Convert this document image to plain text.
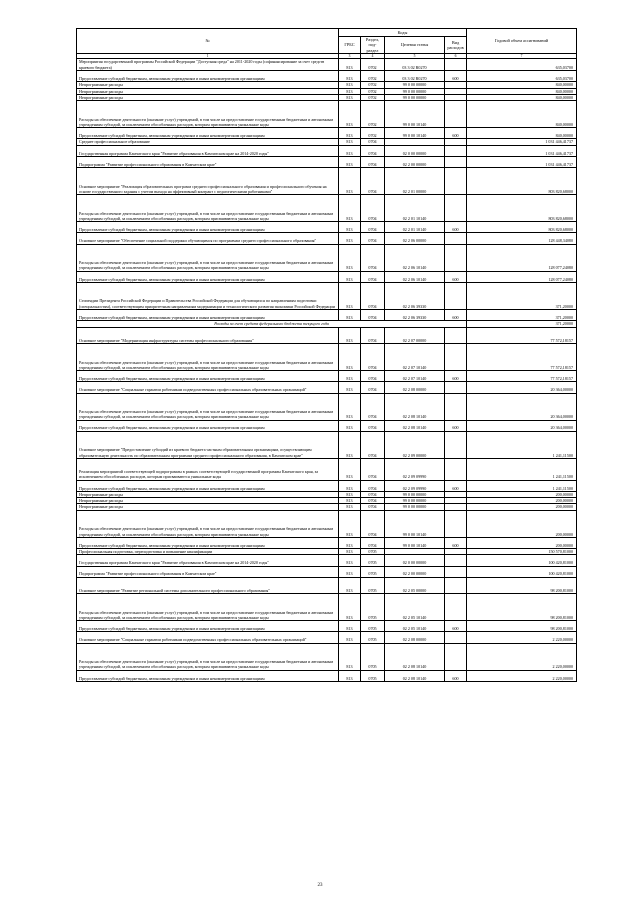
№	Коды				Годовой объем ассигнований
	ГРБС	Раздел, под-раздел	Целевая статья	Вид расходов	
1	3	4	5	6	7
Мероприятия государственной программы Российской Федерации "Доступная среда" на 2011-2020 годы (софинансирование за счет средств краевого бюджета)	813	0702	03 3 02 R0270		635,03700
Предоставление субсидий бюджетным, автономным учреждениям и иным некоммерческим организациям	813	0702	03 3 02 R0270	600	635,03700
Непрограммные расходы	813	0702	99 0 00 00000		840,00000
Непрограммные расходы	813	0702	99 0 00 00000		840,00000
Непрограммные расходы	813	0702	99 0 00 00000		840,00000
Расходы на обеспечение деятельности (оказание услуг) учреждений, в том числе на предоставление государственным бюджетным и автономным учреждениям субсидий, за исключением обособленных расходов, которым присваиваются уникальные коды	813	0702	99 0 00 10140		840,00000
Предоставление субсидий бюджетным, автономным учреждениям и иным некоммерческим организациям	813	0702	99 0 00 10140	600	840,00000
Среднее профессиональное образование	813	0704			1 031 446,41737
Государственная программа Камчатского края "Развитие образования в Камчатском крае на 2014-2020 годы"	813	0704	02 0 00 00000		1 031 446,41737
Подпрограмма "Развитие профессионального образования в Камчатском крае"	813	0704	02 2 00 00000		1 031 446,41737
Основное мероприятие "Реализация образовательных программ среднего профессионального образования и профессионального обучения на основе государственного задания с учетом выхода на эффективный контракт с педагогическими работниками"	813	0704	02 2 01 00000		803 820,68000
Расходы на обеспечение деятельности (оказание услуг) учреждений, в том числе на предоставление государственным бюджетным и автономным учреждениям субсидий, за исключением обособленных расходов, которым присваиваются уникальные коды	813	0704	02 2 01 10140		803 820,68000
Предоставление субсидий бюджетным, автономным учреждениям и иным некоммерческим организациям	813	0704	02 2 01 10140	600	803 820,68000
Основное мероприятие "Обеспечение социальной поддержки обучающимся по программам среднего профессионального образования"	813	0704	02 2 06 00000		128 448,34080
Расходы на обеспечение деятельности (оказание услуг) учреждений, в том числе на предоставление государственным бюджетным и автономным учреждениям субсидий, за исключением обособленных расходов, которым присваиваются уникальные коды	813	0704	02 2 06 10140		128 077,24080
Предоставление субсидий бюджетным, автономным учреждениям и иным некоммерческим организациям	813	0704	02 2 06 10140	600	128 077,24080
Стипендии Президента Российской Федерации и Правительства Российской Федерации для обучающихся по направлениям подготовки (специальностям), соответствующим приоритетным направлениям модернизации и технологического развития экономики Российской Федерации	813	0704	02 2 06 39330		371,20000
Предоставление субсидий бюджетным, автономным учреждениям и иным некоммерческим организациям	813	0704	02 2 06 39330	600	371,20000
Расходы за счет средств федерального бюджета текущего года					371,20000
Основное мероприятие "Модернизация инфраструктуры системы профессионального образования"	813	0704	02 2 07 00000		77 572,18157
Расходы на обеспечение деятельности (оказание услуг) учреждений, в том числе на предоставление государственным бюджетным и автономным учреждениям субсидий, за исключением обособленных расходов, которым присваиваются уникальные коды	813	0704	02 2 07 10140		77 572,18157
Предоставление субсидий бюджетным, автономным учреждениям и иным некоммерческим организациям	813	0704	02 2 07 10140	600	77 572,18157
Основное мероприятие "Социальные гарантии работникам подведомственных профессиональных образовательных организаций"	813	0704	02 2 08 00000		20 364,00000
Расходы на обеспечение деятельности (оказание услуг) учреждений, в том числе на предоставление государственным бюджетным и автономным учреждениям субсидий, за исключением обособленных расходов, которым присваиваются уникальные коды	813	0704	02 2 08 10140		20 364,00000
Предоставление субсидий бюджетным, автономным учреждениям и иным некоммерческим организациям	813	0704	02 2 08 10140	600	20 364,00000
Основное мероприятие "Предоставление субсидий из краевого бюджета частным образовательным организациям, осуществляющим образовательную деятельность по образовательным программам среднего профессионального образования, в Камчатском крае"	813	0704	02 2 09 00000		1 241,11500
Реализация мероприятий соответствующей подпрограммы в рамках соответствующей государственной программы Камчатского края, за исключением обособленных расходов, которым присваиваются уникальные коды	813	0704	02 2 09 09990		1 241,11500
Предоставление субсидий бюджетным, автономным учреждениям и иным некоммерческим организациям	813	0704	02 2 09 09990	600	1 241,11500
Непрограммные расходы	813	0704	99 0 00 00000		200,00000
Непрограммные расходы	813	0704	99 0 00 00000		200,00000
Непрограммные расходы	813	0704	99 0 00 00000		200,00000
Расходы на обеспечение деятельности (оказание услуг) учреждений, в том числе на предоставление государственным бюджетным и автономным учреждениям субсидий, за исключением обособленных расходов, которым присваиваются уникальные коды	813	0704	99 0 00 10140		200,00000
Предоставление субсидий бюджетным, автономным учреждениям и иным некоммерческим организациям	813	0704	99 0 00 10140	600	200,00000
Профессиональная подготовка, переподготовка и повышение квалификации	813	0705			150 570,81000
Государственная программа Камчатского края "Развитие образования в Камчатском крае на 2014-2020 годы"	813	0705	02 0 00 00000		100 420,81000
Подпрограмма "Развитие профессионального образования в Камчатском крае"	813	0705	02 2 00 00000		100 420,81000
Основное мероприятие "Развитие региональной системы дополнительного профессионального образования"	813	0705	02 2 05 00000		98 200,81000
Расходы на обеспечение деятельности (оказание услуг) учреждений, в том числе на предоставление государственным бюджетным и автономным учреждениям субсидий, за исключением обособленных расходов, которым присваиваются уникальные коды	813	0705	02 2 05 10140		98 200,81000
Предоставление субсидий бюджетным, автономным учреждениям и иным некоммерческим организациям	813	0705	02 2 05 10140	600	98 200,81000
Основное мероприятие "Социальные гарантии работникам подведомственных профессиональных образовательных организаций"	813	0705	02 2 08 00000		2 220,00000
Расходы на обеспечение деятельности (оказание услуг) учреждений, в том числе на предоставление государственным бюджетным и автономным учреждениям субсидий, за исключением обособленных расходов, которым присваиваются уникальные коды	813	0705	02 2 08 10140		2 220,00000
Предоставление субсидий бюджетным, автономным учреждениям и иным некоммерческим организациям	813	0705	02 2 08 10140	600	2 220,00000
23
